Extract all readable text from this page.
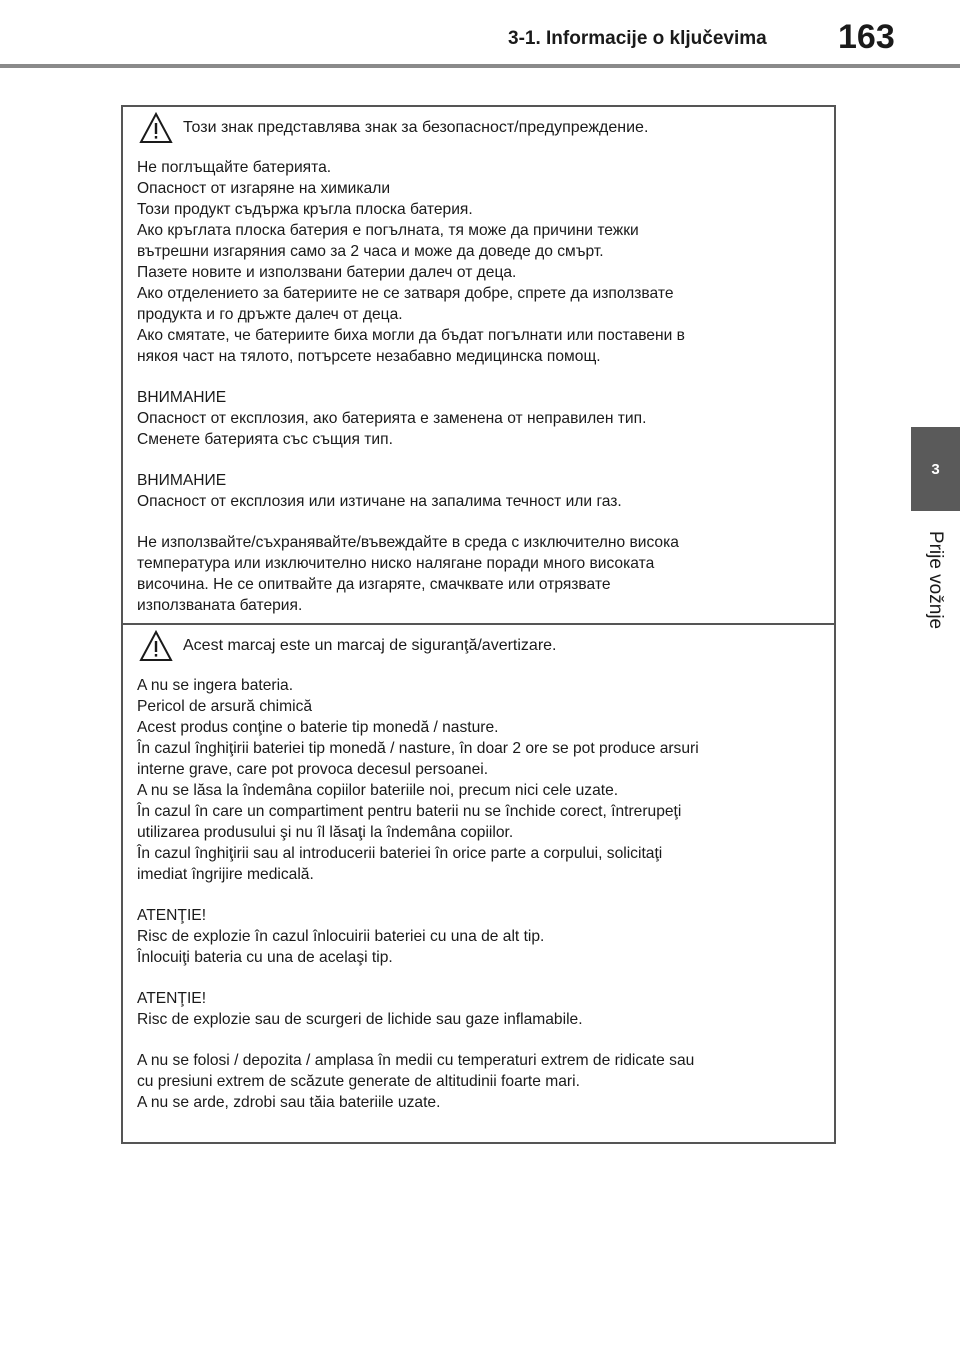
3-1. Informacije o ključevima 163
3
Prije vožnje
Този знак представлява знак за безопасност/предупреждение.

Не поглъщайте батерията.
Опасност от изгаряне на химикали
Този продукт съдържа кръгла плоска батерия.
Ако кръглата плоска батерия е погълната, тя може да причини тежки
вътрешни изгаряния само за 2 часа и може да доведе до смърт.
Пазете новите и използвани батерии далеч от деца.
Ако отделението за батериите не се затваря добре, спрете да използвате
продукта и го дръжте далеч от деца.
Ако смятате, че батериите биха могли да бъдат погълнати или поставени в
някоя част на тялото, потърсете незабавно медицинска помощ.

ВНИМАНИЕ
Опасност от експлозия, ако батерията е заменена от неправилен тип.
Сменете батерията със същия тип.

ВНИМАНИЕ
Опасност от експлозия или изтичане на запалима течност или газ.

Не използвайте/съхранявайте/въвеждайте в среда с изключително висока
температура или изключително ниско налягане поради много високата
височина. Не се опитвайте да изгаряте, смачквате или отрязвате
използваната батерия.

Acest marcaj este un marcaj de siguranţă/avertizare.

A nu se ingera bateria.
Pericol de arsură chimică
Acest produs conţine o baterie tip monedă / nasture.
În cazul înghiţirii bateriei tip monedă / nasture, în doar 2 ore se pot produce arsuri
interne grave, care pot provoca decesul persoanei.
A nu se lăsa la îndemâna copiilor bateriile noi, precum nici cele uzate.
În cazul în care un compartiment pentru baterii nu se închide corect, întrerupeţi
utilizarea produsului şi nu îl lăsaţi la îndemâna copiilor.
În cazul înghiţirii sau al introducerii bateriei în orice parte a corpului, solicitaţi
imediat îngrijire medicală.

ATENŢIE!
Risc de explozie în cazul înlocuirii bateriei cu una de alt tip.
Înlocuiţi bateria cu una de acelaşi tip.

ATENŢIE!
Risc de explozie sau de scurgeri de lichide sau gaze inflamabile.

A nu se folosi / depozita / amplasa în medii cu temperaturi extrem de ridicate sau
cu presiuni extrem de scăzute generate de altitudinii foarte mari.
A nu se arde, zdrobi sau tăia bateriile uzate.
